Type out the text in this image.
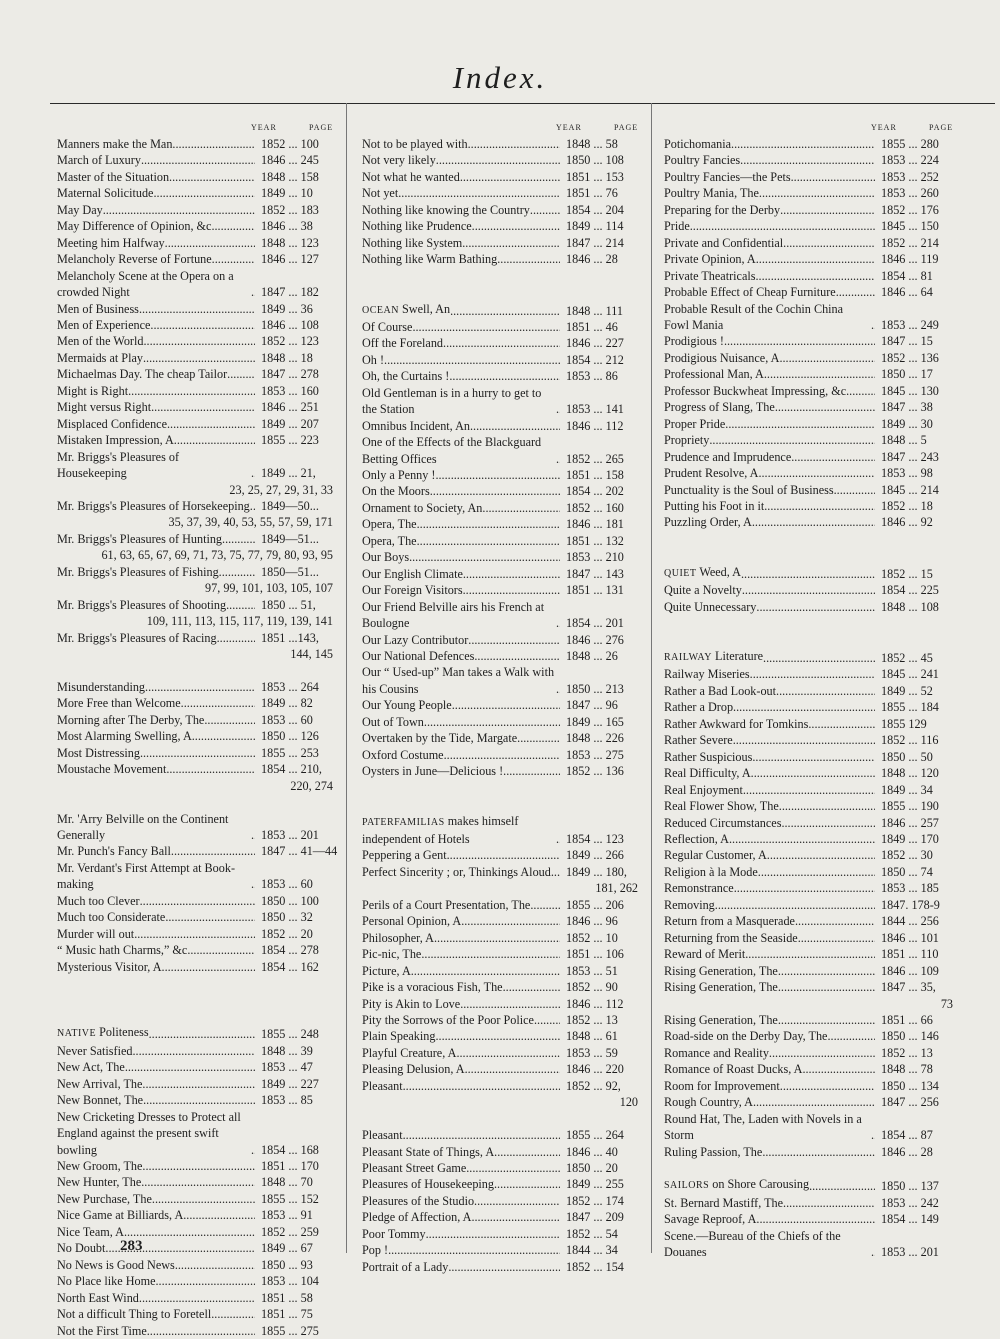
Index.
YEAR	PAGE
Manners make the Man .....	1852 ... 100
March of Luxury .....	1846 ... 245
Master of the Situation .....	1848 ... 158
Maternal Solicitude .....	1849 ... 10
May Day .....	1852 ... 183
May Difference of Opinion, &c. .....	1846 ... 38
Meeting him Halfway .....	1848 ... 123
Melancholy Reverse of Fortune .....	1846 ... 127
Melancholy Scene at the Opera on a crowded Night .....	1847 ... 182
Men of Business .....	1849 ... 36
Men of Experience .....	1846 ... 108
Men of the World .....	1852 ... 123
Mermaids at Play .....	1848 ... 18
Michaelmas Day. The cheap Tailor .....	1847 ... 278
Might is Right .....	1853 ... 160
Might versus Right .....	1846 ... 251
Misplaced Confidence .....	1849 ... 207
Mistaken Impression, A .....	1855 ... 223
Mr. Briggs's Pleasures of Housekeeping .....	1849 ... 21,
23, 25, 27, 29, 31, 33
Mr. Briggs's Pleasures of Horsekeeping ..... 1849—50...
35, 37, 39, 40, 53, 55, 57, 59, 171
Mr. Briggs's Pleasures of Hunting .....	1849—51...
61, 63, 65, 67, 69, 71, 73, 75, 77, 79, 80, 93, 95
Mr. Briggs's Pleasures of Fishing .....	1850—51...
97, 99, 101, 103, 105, 107
Mr. Briggs's Pleasures of Shooting .....	1850 ... 51,
109, 111, 113, 115, 117, 119, 139, 141
Mr. Briggs's Pleasures of Racing .....	1851 ...143,
144, 145
Misunderstanding .....	1853 ... 264
More Free than Welcome .....	1849 ... 82
Morning after The Derby, The .....	1853 ... 60
Most Alarming Swelling, A .....	1850 ... 126
Most Distressing .....	1855 ... 253
Moustache Movement .....	1854 ... 210,
220, 274
Mr. 'Arry Belville on the Continent Generally .....	1853 ... 201
Mr. Punch's Fancy Ball .....	1847 ... 41—44
Mr. Verdant's First Attempt at Book-making .....	1853 ... 60
Much too Clever .....	1850 ... 100
Much too Considerate .....	1850 ... 32
Murder will out .....	1852 ... 20
“ Music hath Charms,” &c .....	1854 ... 278
Mysterious Visitor, A .....	1854 ... 162
NATIVE Politeness .....	1855 ... 248
Never Satisfied .....	1848 ... 39
New Act, The .....	1853 ... 47
New Arrival, The .....	1849 ... 227
New Bonnet, The .....	1853 ... 85
New Cricketing Dresses to Protect all England against the present swift bowling .....	1854 ... 168
New Groom, The .....	1851 ... 170
New Hunter, The .....	1848 ... 70
New Purchase, The .....	1855 ... 152
Nice Game at Billiards, A .....	1853 ... 91
Nice Team, A .....	1852 ... 259
No Doubt .....	1849 ... 67
No News is Good News .....	1850 ... 93
No Place like Home .....	1853 ... 104
North East Wind .....	1851 ... 58
Not a difficult Thing to Foretell .....	1851 ... 75
Not the First Time .....	1855 ... 275
YEAR	PAGE
Not to be played with .....	1848 ... 58
Not very likely .....	1850 ... 108
Not what he wanted .....	1851 ... 153
Not yet .....	1851 ... 76
Nothing like knowing the Country .....	1854 ... 204
Nothing like Prudence .....	1849 ... 114
Nothing like System .....	1847 ... 214
Nothing like Warm Bathing .....	1846 ... 28
OCEAN Swell, An .....	1848 ... 111
Of Course .....	1851 ... 46
Off the Foreland .....	1846 ... 227
Oh ! .....	1854 ... 212
Oh, the Curtains ! .....	1853 ... 86
Old Gentleman is in a hurry to get to the Station .....	1853 ... 141
Omnibus Incident, An .....	1846 ... 112
One of the Effects of the Blackguard Betting Offices .....	1852 ... 265
Only a Penny ! .....	1851 ... 158
On the Moors .....	1854 ... 202
Ornament to Society, An .....	1852 ... 160
Opera, The .....	1846 ... 181
Opera, The .....	1851 ... 132
Our Boys .....	1853 ... 210
Our English Climate .....	1847 ... 143
Our Foreign Visitors .....	1851 ... 131
Our Friend Belville airs his French at Boulogne .....	1854 ... 201
Our Lazy Contributor .....	1846 ... 276
Our National Defences .....	1848 ... 26
Our “ Used-up” Man takes a Walk with his Cousins .....	1850 ... 213
Our Young People .....	1847 ... 96
Out of Town .....	1849 ... 165
Overtaken by the Tide, Margate .....	1848 ... 226
Oxford Costume .....	1853 ... 275
Oysters in June—Delicious ! .....	1852 ... 136
PATERFAMILIAS makes himself independent of Hotels .....	1854 ... 123
Peppering a Gent .....	1849 ... 266
Perfect Sincerity ; or, Thinkings Aloud .....	1849 ... 180,
181, 262
Perils of a Court Presentation, The .....	1855 ... 206
Personal Opinion, A .....	1846 ... 96
Philosopher, A .....	1852 ... 10
Pic-nic, The .....	1851 ... 106
Picture, A .....	1853 ... 51
Pike is a voracious Fish, The .....	1852 ... 90
Pity is Akin to Love .....	1846 ... 112
Pity the Sorrows of the Poor Police .....	1852 ... 13
Plain Speaking .....	1848 ... 61
Playful Creature, A .....	1853 ... 59
Pleasing Delusion, A .....	1846 ... 220
Pleasant .....	1852 ... 92,
120
Pleasant .....	1855 ... 264
Pleasant State of Things, A .....	1846 ... 40
Pleasant Street Game .....	1850 ... 20
Pleasures of Housekeeping .....	1849 ... 255
Pleasures of the Studio .....	1852 ... 174
Pledge of Affection, A .....	1847 ... 209
Poor Tommy .....	1852 ... 54
Pop ! .....	1844 ... 34
Portrait of a Lady .....	1852 ... 154
YEAR	PAGE
Potichomania .....	1855 ... 280
Poultry Fancies .....	1853 ... 224
Poultry Fancies—the Pets .....	1853 ... 252
Poultry Mania, The .....	1853 ... 260
Preparing for the Derby .....	1852 ... 176
Pride .....	1845 ... 150
Private and Confidential .....	1852 ... 214
Private Opinion, A .....	1846 ... 119
Private Theatricals .....	1854 ... 81
Probable Effect of Cheap Furniture .....	1846 ... 64
Probable Result of the Cochin China Fowl Mania .....	1853 ... 249
Prodigious ! .....	1847 ... 15
Prodigious Nuisance, A .....	1852 ... 136
Professional Man, A .....	1850 ... 17
Professor Buckwheat Impressing, &c. .....	1845 ... 130
Progress of Slang, The .....	1847 ... 38
Proper Pride .....	1849 ... 30
Propriety .....	1848 ... 5
Prudence and Imprudence .....	1847 ... 243
Prudent Resolve, A .....	1853 ... 98
Punctuality is the Soul of Business .....	1845 ... 214
Putting his Foot in it .....	1852 ... 18
Puzzling Order, A .....	1846 ... 92
QUIET Weed, A .....	1852 ... 15
Quite a Novelty .....	1854 ... 225
Quite Unnecessary .....	1848 ... 108
RAILWAY Literature .....	1852 ... 45
Railway Miseries .....	1845 ... 241
Rather a Bad Look-out .....	1849 ... 52
Rather a Drop .....	1855 ... 184
Rather Awkward for Tomkins .....	1855 129
Rather Severe .....	1852 ... 116
Rather Suspicious .....	1850 ... 50
Real Difficulty, A .....	1848 ... 120
Real Enjoyment .....	1849 ... 34
Real Flower Show, The .....	1855 ... 190
Reduced Circumstances .....	1846 ... 257
Reflection, A .....	1849 ... 170
Regular Customer, A .....	1852 ... 30
Religion à la Mode .....	1850 ... 74
Remonstrance .....	1853 ... 185
Removing .....	1847. 178-9
Return from a Masquerade .....	1844 ... 256
Returning from the Seaside .....	1846 ... 101
Reward of Merit .....	1851 ... 110
Rising Generation, The .....	1846 ... 109
Rising Generation, The .....	1847 ... 35,
73
Rising Generation, The .....	1851 ... 66
Road-side on the Derby Day, The .....	1850 ... 146
Romance and Reality .....	1852 ... 13
Romance of Roast Ducks, A .....	1848 ... 78
Room for Improvement .....	1850 ... 134
Rough Country, A .....	1847 ... 256
Round Hat, The, Laden with Novels in a Storm .....	1854 ... 87
Ruling Passion, The .....	1846 ... 28
SAILORS on Shore Carousing .....	1850 ... 137
St. Bernard Mastiff, The .....	1853 ... 242
Savage Reproof, A .....	1854 ... 149
Scene.—Bureau of the Chiefs of the Douanes .....	1853 ... 201
283
